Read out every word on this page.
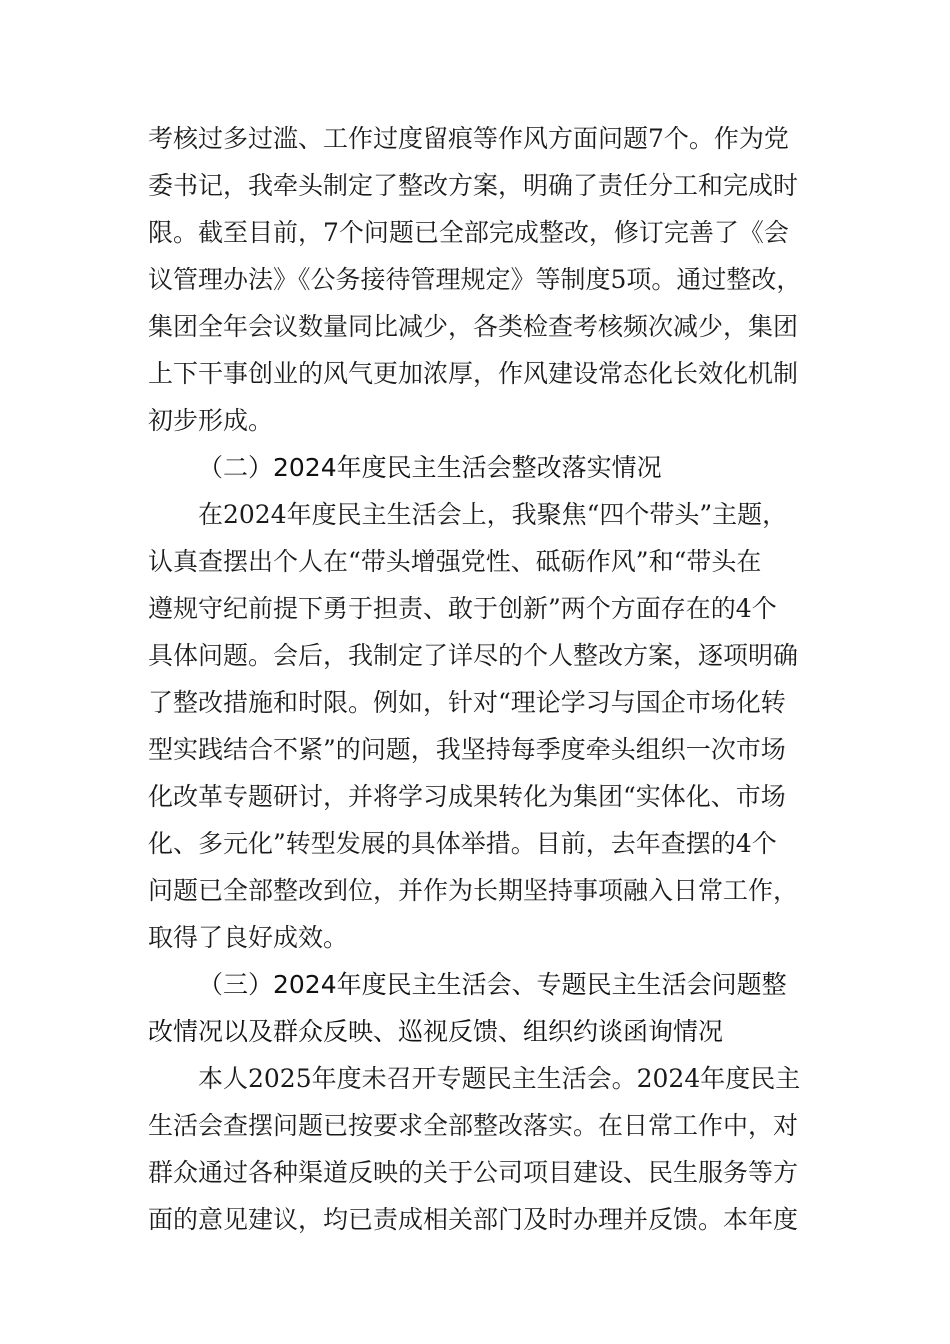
考核过多过滥、工作过度留痕等作风方面问题7个。作为党
委书记，我牵头制定了整改方案，明确了责任分工和完成时
限。截至目前，7个问题已全部完成整改，修订完善了《会
议管理办法》《公务接待管理规定》等制度5项。通过整改，
集团全年会议数量同比减少，各类检查考核频次减少，集团
上下干事创业的风气更加浓厚，作风建设常态化长效化机制
初步形成。
（二）2024年度民主生活会整改落实情况
在2024年度民主生活会上，我聚焦“四个带头”主题，
认真查摆出个人在“带头增强党性、砥砺作风”和“带头在
遵规守纪前提下勇于担责、敢于创新”两个方面存在的4个
具体问题。会后，我制定了详尽的个人整改方案，逐项明确
了整改措施和时限。例如，针对“理论学习与国企市场化转
型实践结合不紧”的问题，我坚持每季度牵头组织一次市场
化改革专题研讨，并将学习成果转化为集团“实体化、市场
化、多元化”转型发展的具体举措。目前，去年查摆的4个
问题已全部整改到位，并作为长期坚持事项融入日常工作，
取得了良好成效。
（三）2024年度民主生活会、专题民主生活会问题整
改情况以及群众反映、巡视反馈、组织约谈函询情况
本人2025年度未召开专题民主生活会。2024年度民主
生活会查摆问题已按要求全部整改落实。在日常工作中，对
群众通过各种渠道反映的关于公司项目建设、民生服务等方
面的意见建议，均已责成相关部门及时办理并反馈。本年度
